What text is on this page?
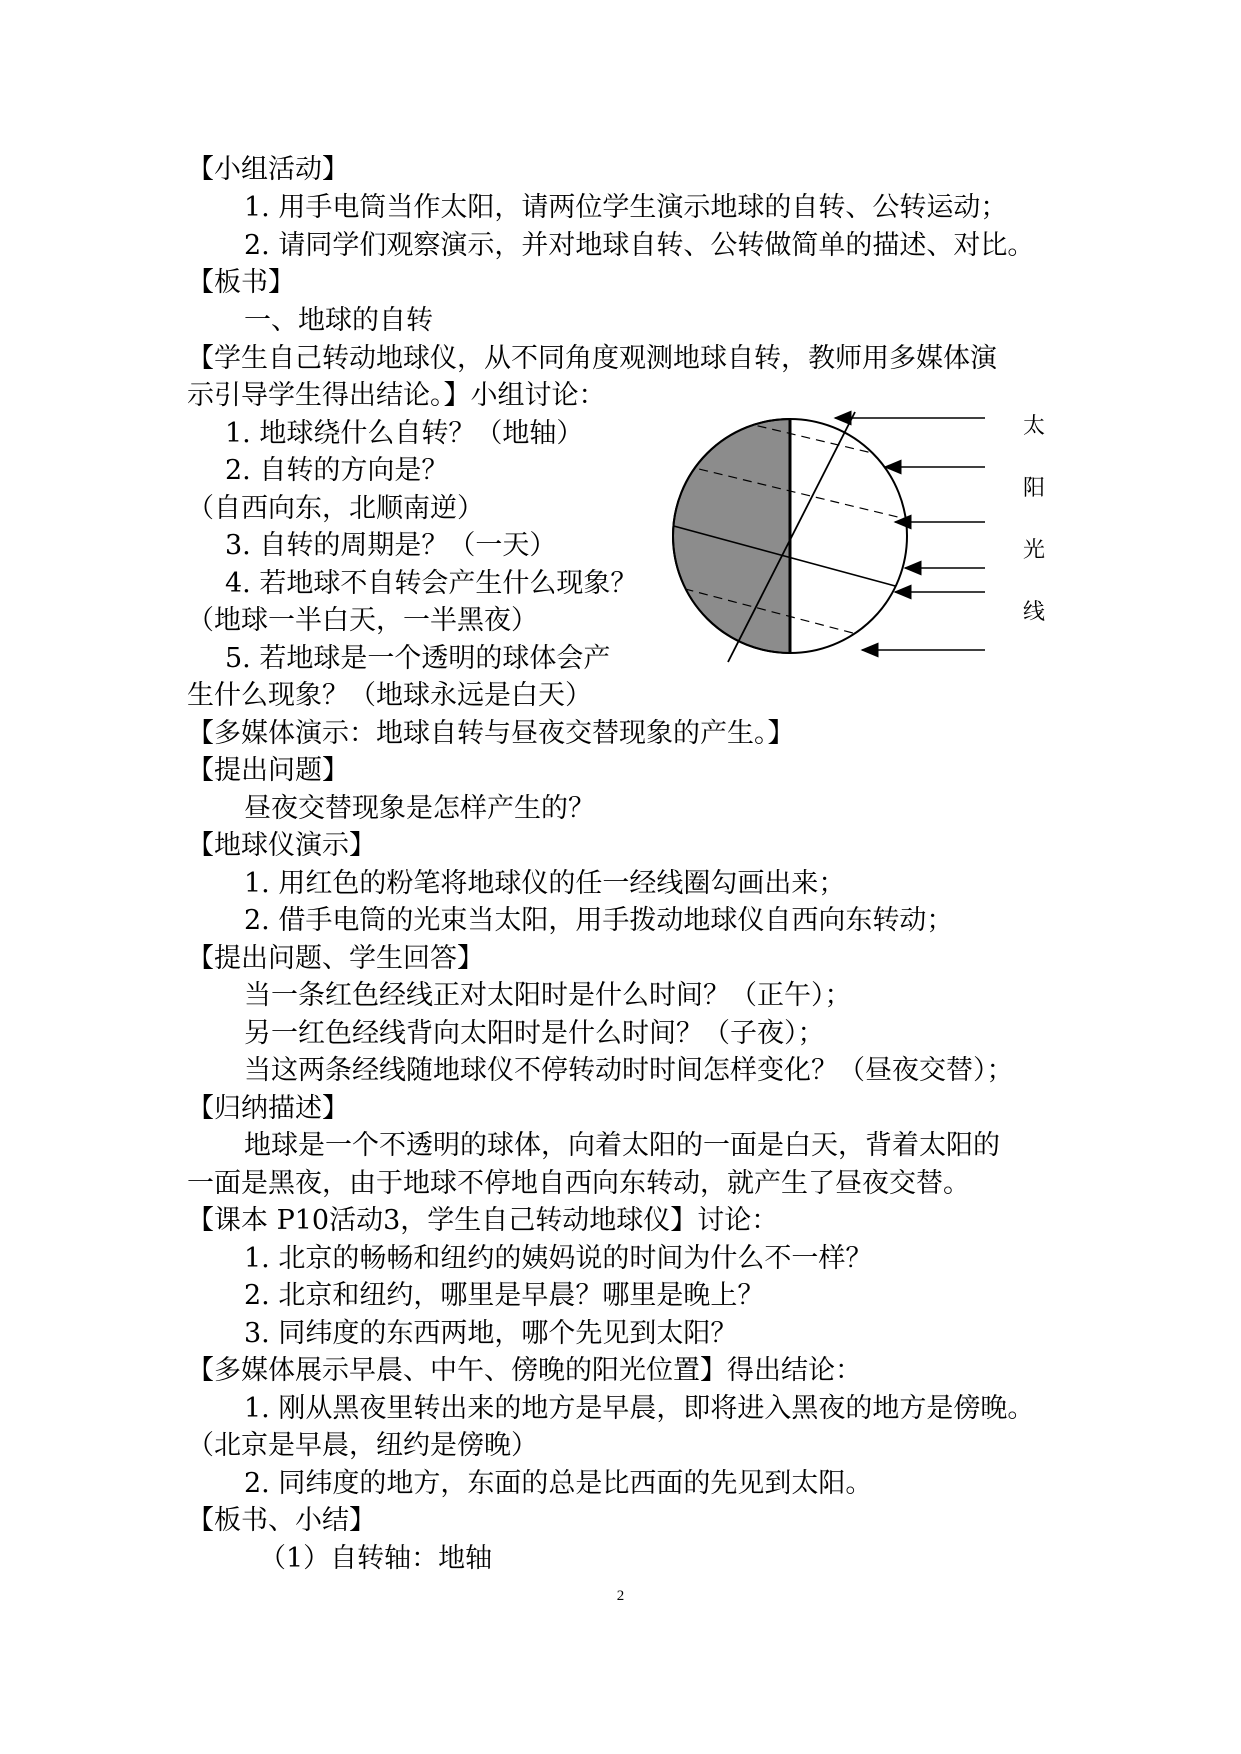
【小组活动】
1. 用手电筒当作太阳，请两位学生演示地球的自转、公转运动；
2. 请同学们观察演示，并对地球自转、公转做简单的描述、对比。
【板书】
一、地球的自转
【学生自己转动地球仪，从不同角度观测地球自转，教师用多媒体演
示引导学生得出结论。】小组讨论：
1. 地球绕什么自转？（地轴）
2. 自转的方向是？
（自西向东，北顺南逆）
3. 自转的周期是？（一天）
4. 若地球不自转会产生什么现象？
（地球一半白天，一半黑夜）
5. 若地球是一个透明的球体会产
生什么现象？（地球永远是白天）
【多媒体演示：地球自转与昼夜交替现象的产生。】
【提出问题】
昼夜交替现象是怎样产生的？
【地球仪演示】
1. 用红色的粉笔将地球仪的任一经线圈勾画出来；
2. 借手电筒的光束当太阳，用手拨动地球仪自西向东转动；
【提出问题、学生回答】
当一条红色经线正对太阳时是什么时间？（正午）；
另一红色经线背向太阳时是什么时间？（子夜）；
当这两条经线随地球仪不停转动时时间怎样变化？（昼夜交替）；
【归纳描述】
地球是一个不透明的球体，向着太阳的一面是白天，背着太阳的
一面是黑夜，由于地球不停地自西向东转动，就产生了昼夜交替。
【课本 P10活动3，学生自己转动地球仪】讨论：
1. 北京的畅畅和纽约的姨妈说的时间为什么不一样？
2. 北京和纽约，哪里是早晨？哪里是晚上？
3. 同纬度的东西两地，哪个先见到太阳？
【多媒体展示早晨、中午、傍晚的阳光位置】得出结论：
1. 刚从黑夜里转出来的地方是早晨，即将进入黑夜的地方是傍晚。
（北京是早晨，纽约是傍晚）
2. 同纬度的地方，东面的总是比西面的先见到太阳。
【板书、小结】
（1）自转轴：地轴
太
阳
光
线
2
